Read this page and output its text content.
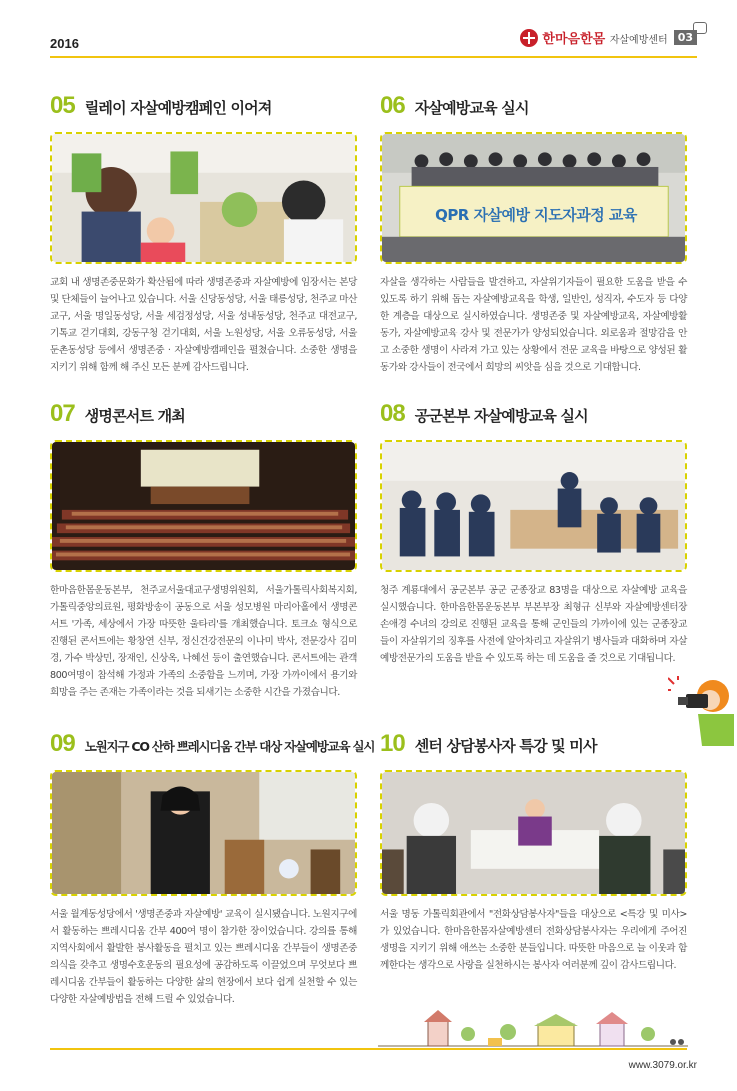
2016	한마음한몸 자살예방센터 03
05 릴레이 자살예방캠페인 이어져
교회 내 생명존중문화가 확산됨에 따라 생명존중과 자살예방에 임장서는 본당 및 단체들이 늘어나고 있습니다. 서울 신당동성당, 서울 태릉성당, 천주교 마산교구, 서울 명일동성당, 서울 세검정성당, 서울 성내동성당, 천주교 대전교구, 기톡교 걷기대회, 강동구청 걷기대회, 서울 노원성당, 서울 오류동성당, 서울 둔촌동성당 등에서 생명존중 · 자살예방캠페인을 펼쳤습니다. 소중한 생명을 지키기 위해 함께 해 주신 모든 분께 감사드립니다.
06 자살예방교육 실시
QPR 자살예방 지도자과정 교육
자살을 생각하는 사람들을 발견하고, 자살위기자들이 필요한 도움을 받을 수 있도록 하기 위해 돕는 자살예방교육을 학생, 일반인, 성직자, 수도자 등 다양한 계층을 대상으로 실시하였습니다. 생명존중 및 자살예방교육, 자살예방활동가, 자살예방교육 강사 및 전문가가 양성되었습니다. 외로움과 절망감을 안고 소중한 생명이 사라져 가고 있는 상황에서 전문 교육을 바탕으로 양성된 활동가와 강사들이 전국에서 희망의 씨앗을 심을 것으로 기대합니다.
07 생명콘서트 개최
한마음한몸운동본부, 천주교서울대교구생명위원회, 서울가톨릭사회복지회, 가톨릭중앙의료원, 평화방송이 공동으로 서울 성모병원 마리아홀에서 생명콘서트 '가족, 세상에서 가장 따뜻한 울타리'를 개최했습니다. 토크쇼 형식으로 진행된 콘서트에는 황창연 신부, 정신건강전문의 이나미 박사, 전문강사 김미경, 가수 박상민, 장재인, 신상옥, 나혜선 등이 출연했습니다. 콘서트에는 관객 800여명이 참석해 가정과 가족의 소중함을 느끼며, 가장 가까이에서 용기와 희망을 주는 존재는 가족이라는 것을 되새기는 소중한 시간을 가졌습니다.
08 공군본부 자살예방교육 실시
청주 계룡대에서 공군본부 공군 군종장교 83명을 대상으로 자살예방 교육을 실시했습니다. 한마음한몸운동본부 부본부장 최형규 신부와 자살예방센터장 손애경 수녀의 강의로 진행된 교육을 통해 군인들의 가까이에 있는 군종장교들이 자살위기의 징후를 사전에 알아차리고 자살위기 병사들과 대화하며 자살예방전문가의 도움을 받을 수 있도록 하는 데 도움을 줄 것으로 기대됩니다.
09 노원지구 CO 산하 쁘레시디움 간부 대상 자살예방교육 실시
서울 월계동성당에서 '생명존중과 자살예방' 교육이 실시됐습니다. 노원지구에서 활동하는 쁘레시디움 간부 400여 명이 참가한 장이었습니다. 강의를 통해 지역사회에서 활발한 봉사활동을 펼치고 있는 쁘레시디움 간부들이 생명존중 의식을 갖추고 생명수호운동의 필요성에 공감하도록 이끌었으며 무엇보다 쁘레시디움 간부들이 활동하는 다양한 삶의 현장에서 보다 쉽게 실천할 수 있는 다양한 자살예방법을 전해 드릴 수 있었습니다.
10 센터 상담봉사자 특강 및 미사
서울 명동 가톨릭회관에서 "전화상담봉사자"들을 대상으로 <특강 및 미사>가 있었습니다. 한마음한몸자살예방센터 전화상담봉사자는 우리에게 주어진 생명을 지키기 위해 애쓰는 소중한 분들입니다. 따뜻한 마음으로 늘 이웃과 함께한다는 생각으로 사랑을 실천하시는 봉사자 여러분께 깊이 감사드립니다.
www.3079.or.kr
